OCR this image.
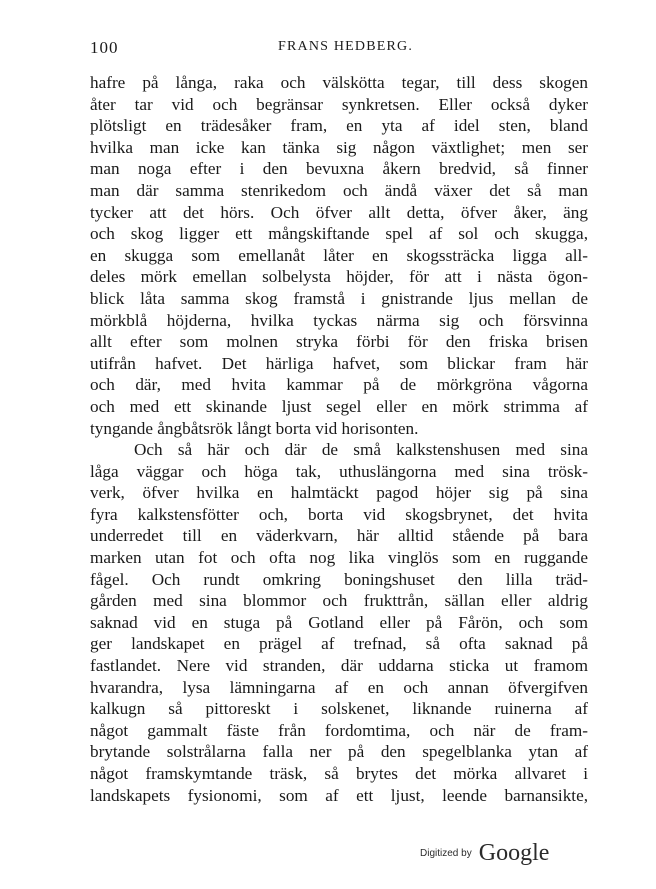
100	FRANS HEDBERG.
hafre på långa, raka och välskötta tegar, till dess skogen
åter tar vid och begränsar synkretsen. Eller också dyker
plötsligt en trädesåker fram, en yta af idel sten, bland
hvilka man icke kan tänka sig någon växtlighet; men ser
man noga efter i den bevuxna åkern bredvid, så finner
man där samma stenrikedom och ändå växer det så man
tycker att det hörs. Och öfver allt detta, öfver åker, äng
och skog ligger ett mångskiftande spel af sol och skugga,
en skugga som emellanåt låter en skogssträcka ligga all-
deles mörk emellan solbelysta höjder, för att i nästa ögon-
blick låta samma skog framstå i gnistrande ljus mellan de
mörkblå höjderna, hvilka tyckas närma sig och försvinna
allt efter som molnen stryka förbi för den friska brisen
utifrån hafvet. Det härliga hafvet, som blickar fram här
och där, med hvita kammar på de mörkgröna vågorna
och med ett skinande ljust segel eller en mörk strimma af
tyngande ångbåtsrök långt borta vid horisonten.
Och så här och där de små kalkstenshusen med sina
låga väggar och höga tak, uthuslängorna med sina trösk-
verk, öfver hvilka en halmtäckt pagod höjer sig på sina
fyra kalkstensfötter och, borta vid skogsbrynet, det hvita
underredet till en väderkvarn, här alltid stående på bara
marken utan fot och ofta nog lika vinglös som en ruggande
fågel. Och rundt omkring boningshuset den lilla träd-
gården med sina blommor och frukttrån, sällan eller aldrig
saknad vid en stuga på Gotland eller på Fårön, och som
ger landskapet en prägel af trefnad, så ofta saknad på
fastlandet. Nere vid stranden, där uddarna sticka ut framom
hvarandra, lysa lämningarna af en och annan öfvergifven
kalkugn så pittoreskt i solskenet, liknande ruinerna af
något gammalt fäste från fordomtima, och när de fram-
brytande solstrålarna falla ner på den spegelblanka ytan af
något framskymtande träsk, så brytes det mörka allvaret i
landskapets fysionomi, som af ett ljust, leende barnansikte,
Digitized by Google
